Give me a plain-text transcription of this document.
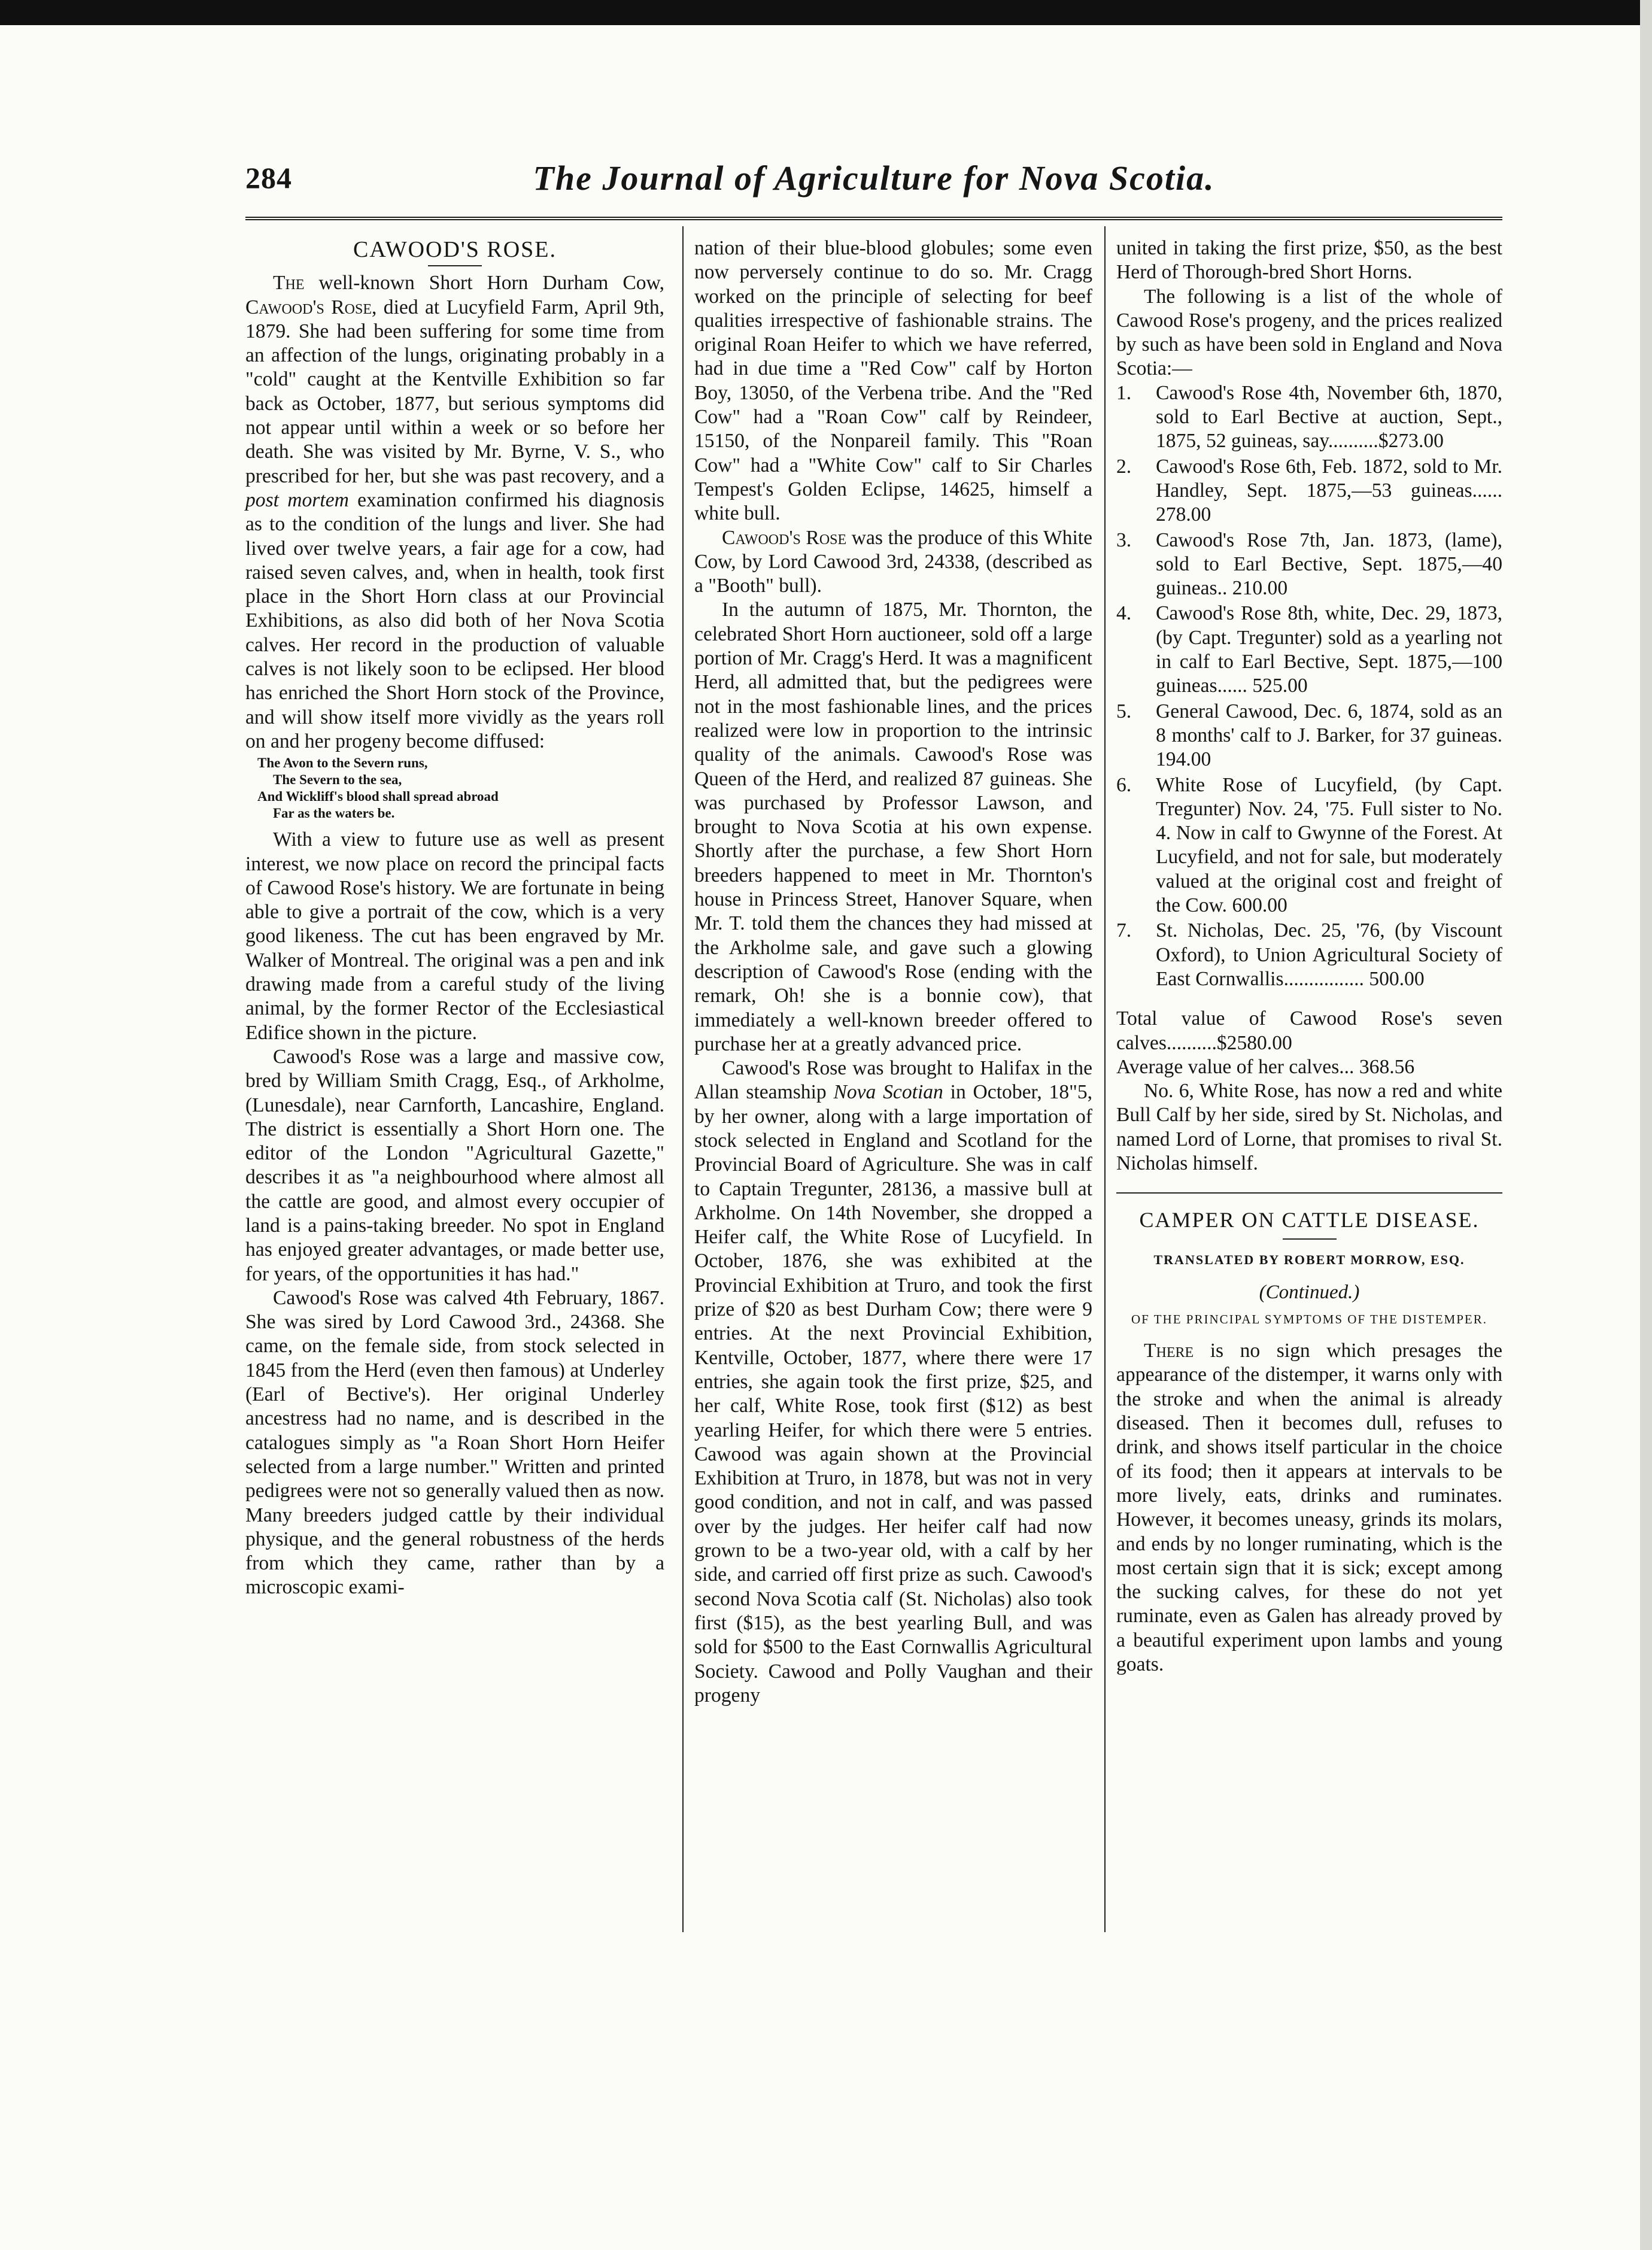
284	The Journal of Agriculture for Nova Scotia.
CAWOOD'S ROSE.

The well-known Short Horn Durham Cow, Cawood's Rose, died at Lucyfield Farm, April 9th, 1879. She had been suffering for some time from an affection of the lungs, originating probably in a "cold" caught at the Kentville Exhibition so far back as October, 1877, but serious symptoms did not appear until within a week or so before her death. She was visited by Mr. Byrne, V. S., who prescribed for her, but she was past recovery, and a post mortem examination confirmed his diagnosis as to the condition of the lungs and liver. She had lived over twelve years, a fair age for a cow, had raised seven calves, and, when in health, took first place in the Short Horn class at our Provincial Exhibitions, as also did both of her Nova Scotia calves. Her record in the production of valuable calves is not likely soon to be eclipsed. Her blood has enriched the Short Horn stock of the Province, and will show itself more vividly as the years roll on and her progeny become diffused:

The Avon to the Severn runs,
The Severn to the sea,
And Wickliff's blood shall spread abroad
Far as the waters be.

With a view to future use as well as present interest, we now place on record the principal facts of Cawood Rose's history. We are fortunate in being able to give a portrait of the cow, which is a very good likeness. The cut has been engraved by Mr. Walker of Montreal. The original was a pen and ink drawing made from a careful study of the living animal, by the former Rector of the Ecclesiastical Edifice shown in the picture.

Cawood's Rose was a large and massive cow, bred by William Smith Cragg, Esq., of Arkholme, (Lunesdale), near Carnforth, Lancashire, England. The district is essentially a Short Horn one. The editor of the London "Agricultural Gazette," describes it as "a neighbourhood where almost all the cattle are good, and almost every occupier of land is a pains-taking breeder. No spot in England has enjoyed greater advantages, or made better use, for years, of the opportunities it has had."

Cawood's Rose was calved 4th February, 1867. She was sired by Lord Cawood 3rd., 24368. She came, on the female side, from stock selected in 1845 from the Herd (even then famous) at Underley (Earl of Bective's). Her original Underley ancestress had no name, and is described in the catalogues simply as "a Roan Short Horn Heifer selected from a large number." Written and printed pedigrees were not so generally valued then as now. Many breeders judged cattle by their individual physique, and the general robustness of the herds from which they came, rather than by a microscopic exami-

nation of their blue-blood globules; some even now perversely continue to do so. Mr. Cragg worked on the principle of selecting for beef qualities irrespective of fashionable strains. The original Roan Heifer to which we have referred, had in due time a "Red Cow" calf by Horton Boy, 13050, of the Verbena tribe. And the "Red Cow" had a "Roan Cow" calf by Reindeer, 15150, of the Nonpareil family. This "Roan Cow" had a "White Cow" calf to Sir Charles Tempest's Golden Eclipse, 14625, himself a white bull.

Cawood's Rose was the produce of this White Cow, by Lord Cawood 3rd, 24338, (described as a "Booth" bull).

In the autumn of 1875, Mr. Thornton, the celebrated Short Horn auctioneer, sold off a large portion of Mr. Cragg's Herd. It was a magnificent Herd, all admitted that, but the pedigrees were not in the most fashionable lines, and the prices realized were low in proportion to the intrinsic quality of the animals. Cawood's Rose was Queen of the Herd, and realized 87 guineas. She was purchased by Professor Lawson, and brought to Nova Scotia at his own expense. Shortly after the purchase, a few Short Horn breeders happened to meet in Mr. Thornton's house in Princess Street, Hanover Square, when Mr. T. told them the chances they had missed at the Arkholme sale, and gave such a glowing description of Cawood's Rose (ending with the remark, Oh! she is a bonnie cow), that immediately a well-known breeder offered to purchase her at a greatly advanced price.

Cawood's Rose was brought to Halifax in the Allan steamship Nova Scotian in October, 18"5, by her owner, along with a large importation of stock selected in England and Scotland for the Provincial Board of Agriculture. She was in calf to Captain Tregunter, 28136, a massive bull at Arkholme. On 14th November, she dropped a Heifer calf, the White Rose of Lucyfield. In October, 1876, she was exhibited at the Provincial Exhibition at Truro, and took the first prize of $20 as best Durham Cow; there were 9 entries. At the next Provincial Exhibition, Kentville, October, 1877, where there were 17 entries, she again took the first prize, $25, and her calf, White Rose, took first ($12) as best yearling Heifer, for which there were 5 entries. Cawood was again shown at the Provincial Exhibition at Truro, in 1878, but was not in very good condition, and not in calf, and was passed over by the judges. Her heifer calf had now grown to be a two-year old, with a calf by her side, and carried off first prize as such. Cawood's second Nova Scotia calf (St. Nicholas) also took first ($15), as the best yearling Bull, and was sold for $500 to the East Cornwallis Agricultural Society. Cawood and Polly Vaughan and their progeny

united in taking the first prize, $50, as the best Herd of Thorough-bred Short Horns.

The following is a list of the whole of Cawood Rose's progeny, and the prices realized by such as have been sold in England and Nova Scotia:—

1. Cawood's Rose 4th, November 6th, 1870, sold to Earl Bective at auction, Sept., 1875, 52 guineas, say..........$273.00
2. Cawood's Rose 6th, Feb. 1872, sold to Mr. Handley, Sept. 1875,—53 guineas...... 278.00
3. Cawood's Rose 7th, Jan. 1873, (lame), sold to Earl Bective, Sept. 1875,—40 guineas.. 210.00
4. Cawood's Rose 8th, white, Dec. 29, 1873, (by Capt. Tregunter) sold as a yearling not in calf to Earl Bective, Sept. 1875,—100 guineas...... 525.00
5. General Cawood, Dec. 6, 1874, sold as an 8 months' calf to J. Barker, for 37 guineas. 194.00
6. White Rose of Lucyfield, (by Capt. Tregunter) Nov. 24, '75. Full sister to No. 4. Now in calf to Gwynne of the Forest. At Lucyfield, and not for sale, but moderately valued at the original cost and freight of the Cow. 600.00
7. St. Nicholas, Dec. 25, '76, (by Viscount Oxford), to Union Agricultural Society of East Cornwallis................ 500.00
Total value of Cawood Rose's seven calves..........$2580.00
Average value of her calves... 368.56

No. 6, White Rose, has now a red and white Bull Calf by her side, sired by St. Nicholas, and named Lord of Lorne, that promises to rival St. Nicholas himself.

CAMPER ON CATTLE DISEASE.
TRANSLATED BY ROBERT MORROW, ESQ.
(Continued.)
OF THE PRINCIPAL SYMPTOMS OF THE DISTEMPER.

There is no sign which presages the appearance of the distemper, it warns only with the stroke and when the animal is already diseased. Then it becomes dull, refuses to drink, and shows itself particular in the choice of its food; then it appears at intervals to be more lively, eats, drinks and ruminates. However, it becomes uneasy, grinds its molars, and ends by no longer ruminating, which is the most certain sign that it is sick; except among the sucking calves, for these do not yet ruminate, even as Galen has already proved by a beautiful experiment upon lambs and young goats.
